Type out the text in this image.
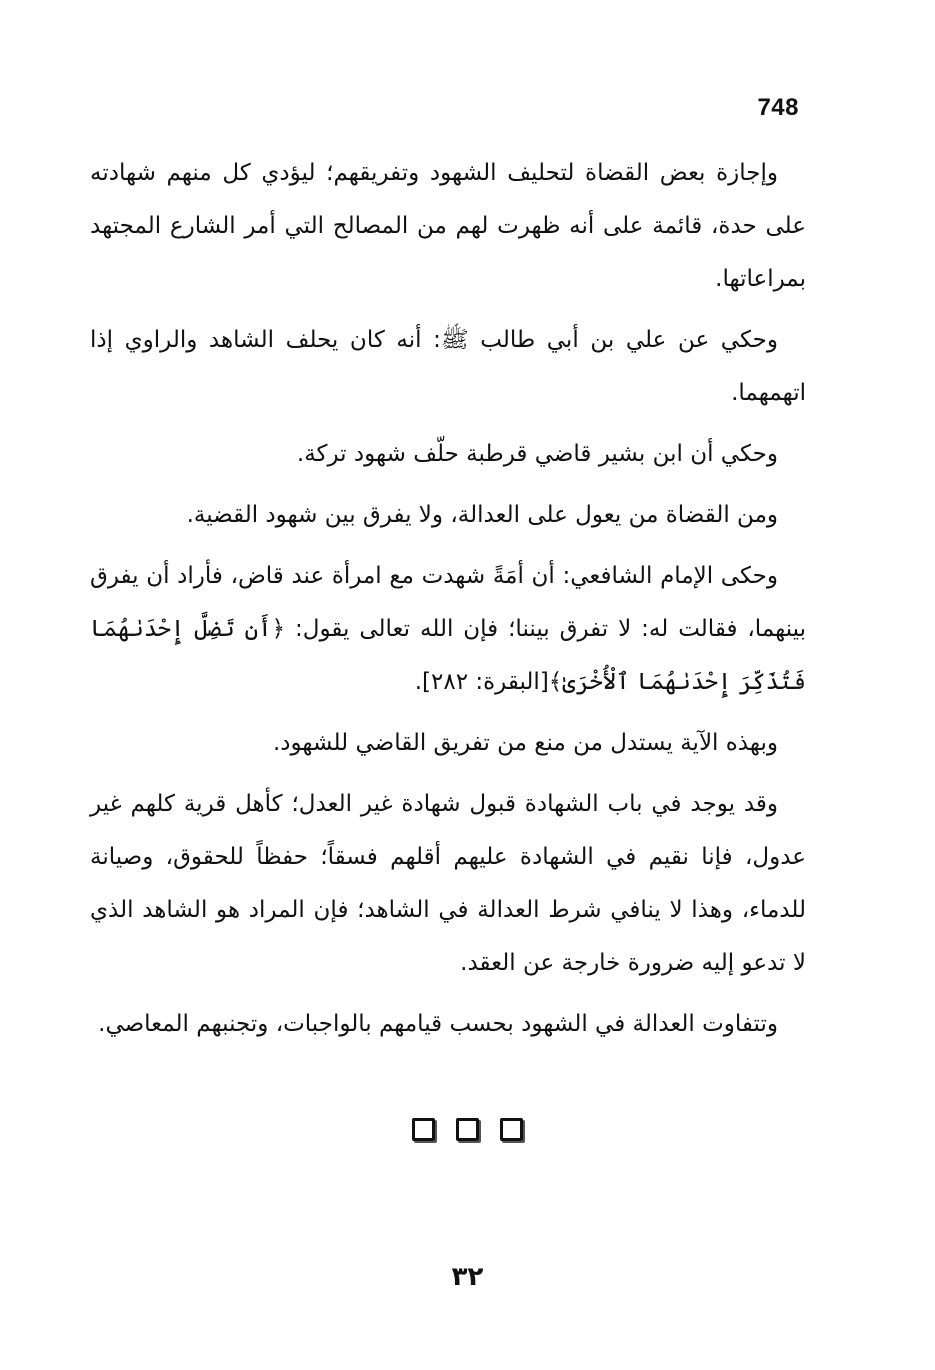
748

وإجازة بعض القضاة لتحليف الشهود وتفريقهم؛ ليؤدي كل منهم شهادته على حدة، قائمة على أنه ظهرت لهم من المصالح التي أمر الشارع المجتهد بمراعاتها.

وحكي عن علي بن أبي طالب ﷺ: أنه كان يحلف الشاهد والراوي إذا اتهمهما.

وحكي أن ابن بشير قاضي قرطبة حلّف شهود تركة.

ومن القضاة من يعول على العدالة، ولا يفرق بين شهود القضية.

وحكى الإمام الشافعي: أن أمَةً شهدت مع امرأة عند قاض، فأراد أن يفرق بينهما، فقالت له: لا تفرق بيننا؛ فإن الله تعالى يقول: ﴿أَن تَضِلَّ إِحْدَىٰهُمَا فَتُذَكِّرَ إِحْدَىٰهُمَا ٱلْأُخْرَىٰ﴾[البقرة: ٢٨٢].

وبهذه الآية يستدل من منع من تفريق القاضي للشهود.

وقد يوجد في باب الشهادة قبول شهادة غير العدل؛ كأهل قرية كلهم غير عدول، فإنا نقيم في الشهادة عليهم أقلهم فسقاً؛ حفظاً للحقوق، وصيانة للدماء، وهذا لا ينافي شرط العدالة في الشاهد؛ فإن المراد هو الشاهد الذي لا تدعو إليه ضرورة خارجة عن العقد.

وتتفاوت العدالة في الشهود بحسب قيامهم بالواجبات، وتجنبهم المعاصي.

٣٢
